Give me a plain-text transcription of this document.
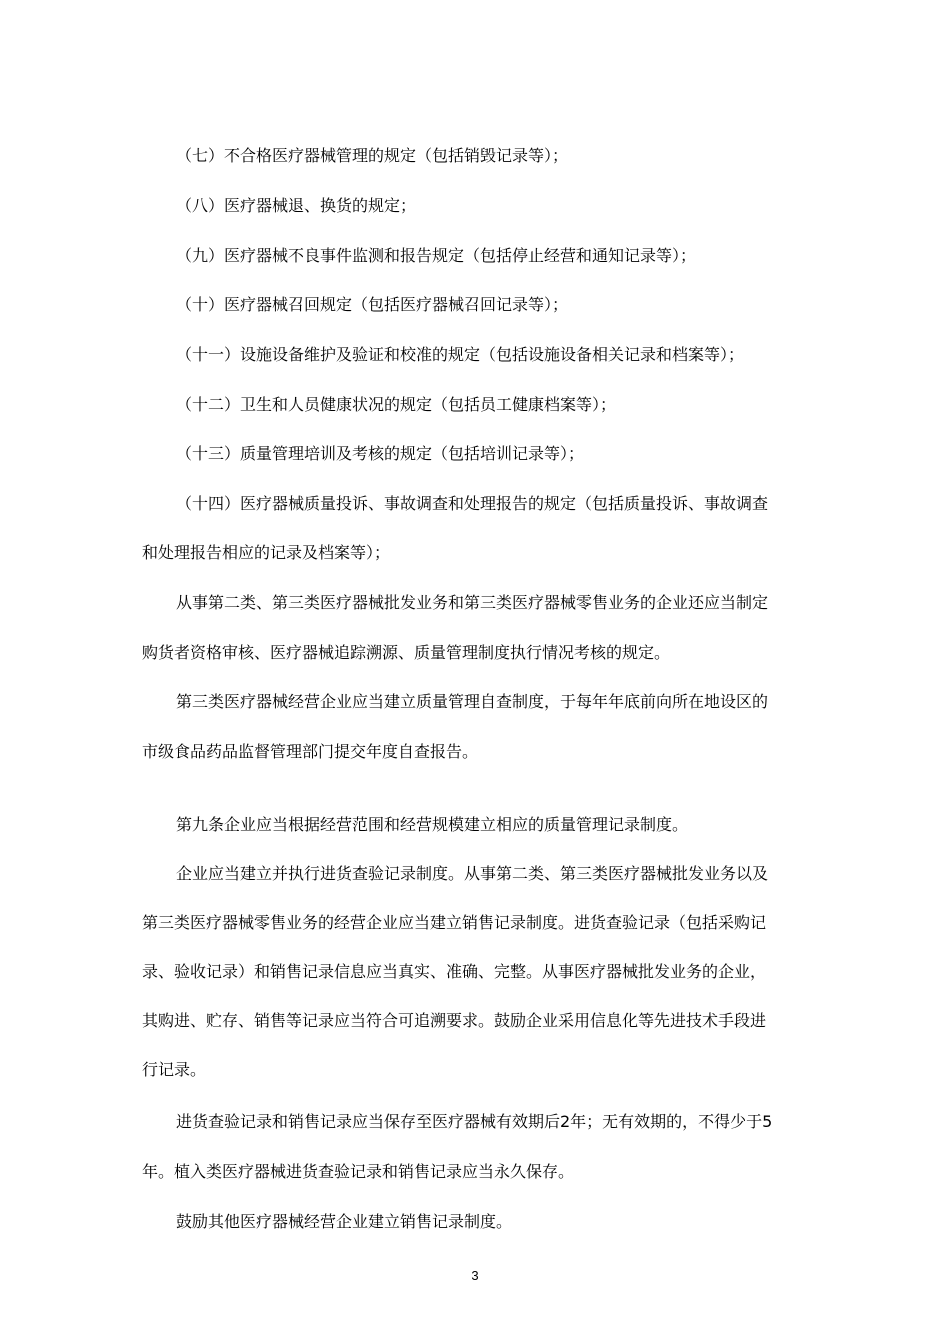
（七）不合格医疗器械管理的规定（包括销毁记录等）；
（八）医疗器械退、换货的规定；
（九）医疗器械不良事件监测和报告规定（包括停止经营和通知记录等）；
（十）医疗器械召回规定（包括医疗器械召回记录等）；
（十一）设施设备维护及验证和校准的规定（包括设施设备相关记录和档案等）；
（十二）卫生和人员健康状况的规定（包括员工健康档案等）；
（十三）质量管理培训及考核的规定（包括培训记录等）；
（十四）医疗器械质量投诉、事故调查和处理报告的规定（包括质量投诉、事故调查
和处理报告相应的记录及档案等）；
从事第二类、第三类医疗器械批发业务和第三类医疗器械零售业务的企业还应当制定
购货者资格审核、医疗器械追踪溯源、质量管理制度执行情况考核的规定。
第三类医疗器械经营企业应当建立质量管理自查制度，于每年年底前向所在地设区的
市级食品药品监督管理部门提交年度自查报告。
第九条企业应当根据经营范围和经营规模建立相应的质量管理记录制度。
企业应当建立并执行进货查验记录制度。从事第二类、第三类医疗器械批发业务以及
第三类医疗器械零售业务的经营企业应当建立销售记录制度。进货查验记录（包括采购记
录、验收记录）和销售记录信息应当真实、准确、完整。从事医疗器械批发业务的企业，
其购进、贮存、销售等记录应当符合可追溯要求。鼓励企业采用信息化等先进技术手段进
行记录。
进货查验记录和销售记录应当保存至医疗器械有效期后2年；无有效期的，不得少于5
年。植入类医疗器械进货查验记录和销售记录应当永久保存。
鼓励其他医疗器械经营企业建立销售记录制度。
3
